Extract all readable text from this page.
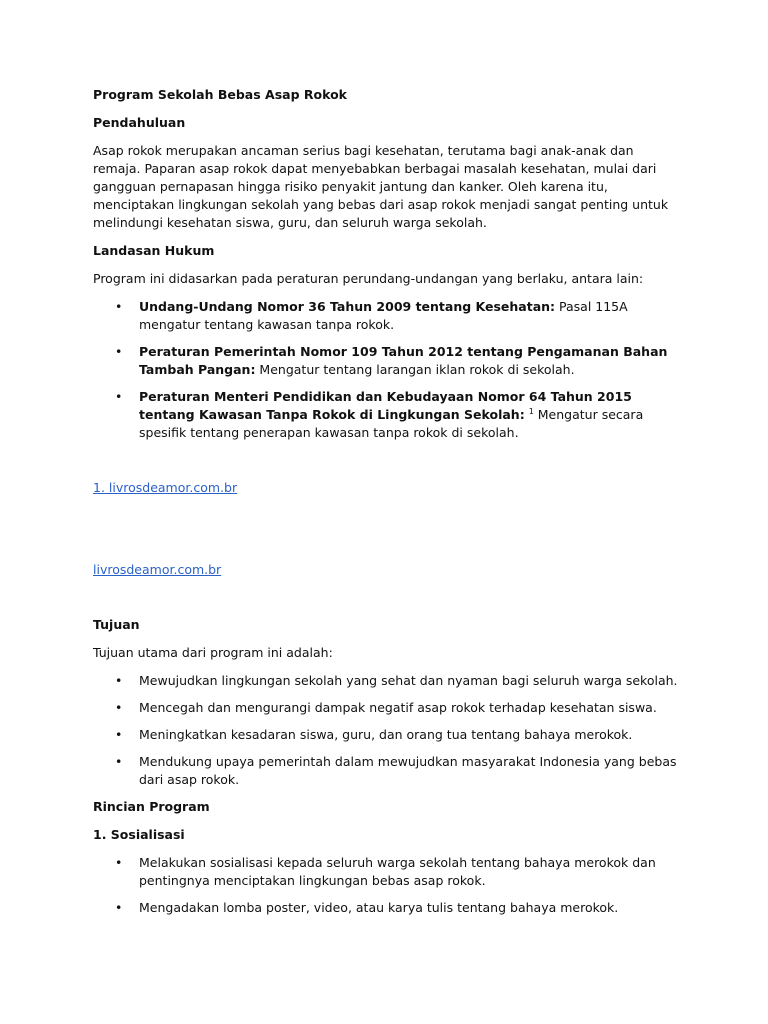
Program Sekolah Bebas Asap Rokok

Pendahuluan

Asap rokok merupakan ancaman serius bagi kesehatan, terutama bagi anak-anak dan remaja. Paparan asap rokok dapat menyebabkan berbagai masalah kesehatan, mulai dari gangguan pernapasan hingga risiko penyakit jantung dan kanker. Oleh karena itu, menciptakan lingkungan sekolah yang bebas dari asap rokok menjadi sangat penting untuk melindungi kesehatan siswa, guru, dan seluruh warga sekolah.

Landasan Hukum

Program ini didasarkan pada peraturan perundang-undangan yang berlaku, antara lain:

• Undang-Undang Nomor 36 Tahun 2009 tentang Kesehatan: Pasal 115A mengatur tentang kawasan tanpa rokok.
• Peraturan Pemerintah Nomor 109 Tahun 2012 tentang Pengamanan Bahan Tambah Pangan: Mengatur tentang larangan iklan rokok di sekolah.
• Peraturan Menteri Pendidikan dan Kebudayaan Nomor 64 Tahun 2015 tentang Kawasan Tanpa Rokok di Lingkungan Sekolah: $^1$ Mengatur secara spesifik tentang penerapan kawasan tanpa rokok di sekolah.

1. livrosdeamor.com.br

livrosdeamor.com.br

Tujuan

Tujuan utama dari program ini adalah:

• Mewujudkan lingkungan sekolah yang sehat dan nyaman bagi seluruh warga sekolah.
• Mencegah dan mengurangi dampak negatif asap rokok terhadap kesehatan siswa.
• Meningkatkan kesadaran siswa, guru, dan orang tua tentang bahaya merokok.
• Mendukung upaya pemerintah dalam mewujudkan masyarakat Indonesia yang bebas dari asap rokok.

Rincian Program

1. Sosialisasi

• Melakukan sosialisasi kepada seluruh warga sekolah tentang bahaya merokok dan pentingnya menciptakan lingkungan bebas asap rokok.
• Mengadakan lomba poster, video, atau karya tulis tentang bahaya merokok.
